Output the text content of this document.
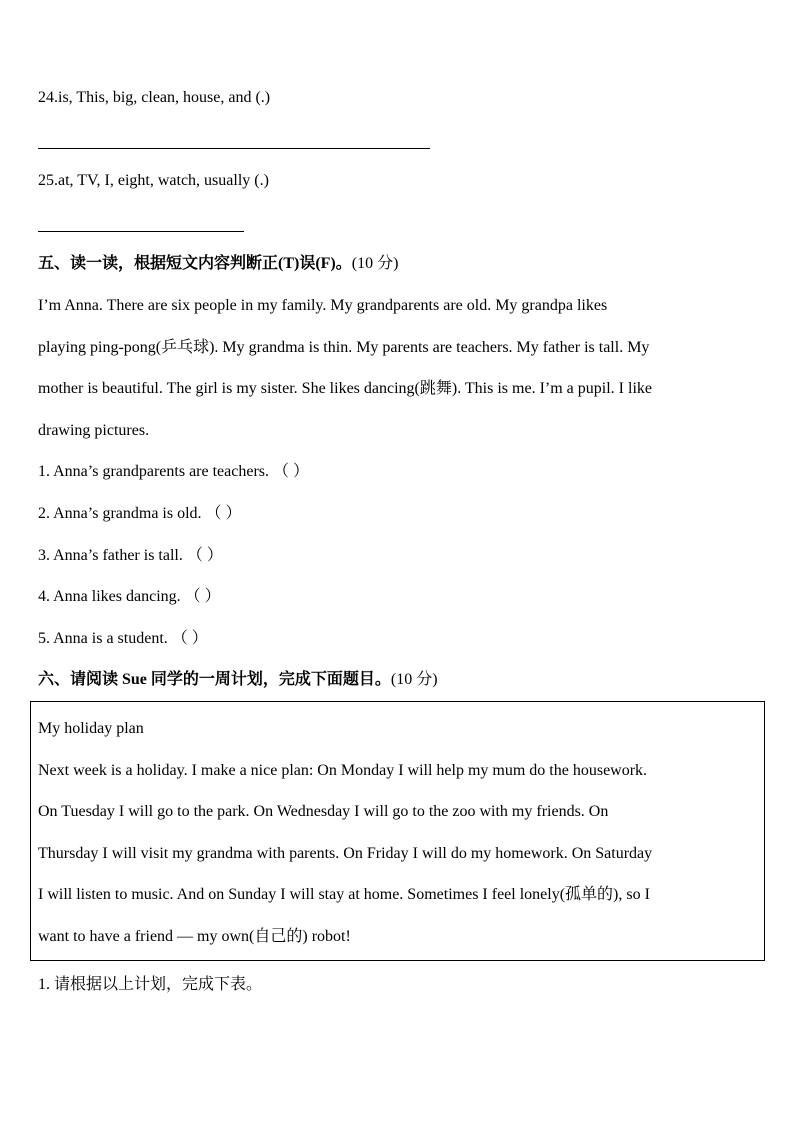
24.is, This, big, clean, house, and (.)
25.at, TV, I, eight, watch, usually (.)
五、读一读，根据短文内容判断正(T)误(F)。(10 分)
I’m Anna. There are six people in my family. My grandparents are old. My grandpa likes
playing ping-pong(乒乓球). My grandma is thin. My parents are teachers. My father is tall. My
mother is beautiful. The girl is my sister. She likes dancing(跳舞). This is me. I’m a pupil. I like
drawing pictures.
1. Anna’s grandparents are teachers. （ ）
2. Anna’s grandma is old. （ ）
3. Anna’s father is tall. （ ）
4. Anna likes dancing. （ ）
5. Anna is a student. （ ）
六、请阅读 Sue 同学的一周计划，完成下面题目。(10 分)
My holiday plan
Next week is a holiday. I make a nice plan: On Monday I will help my mum do the housework.
On Tuesday I will go to the park. On Wednesday I will go to the zoo with my friends. On
Thursday I will visit my grandma with parents. On Friday I will do my homework. On Saturday
I will listen to music. And on Sunday I will stay at home. Sometimes I feel lonely(孤单的), so I
want to have a friend — my own(自己的) robot!
1. 请根据以上计划，完成下表。
